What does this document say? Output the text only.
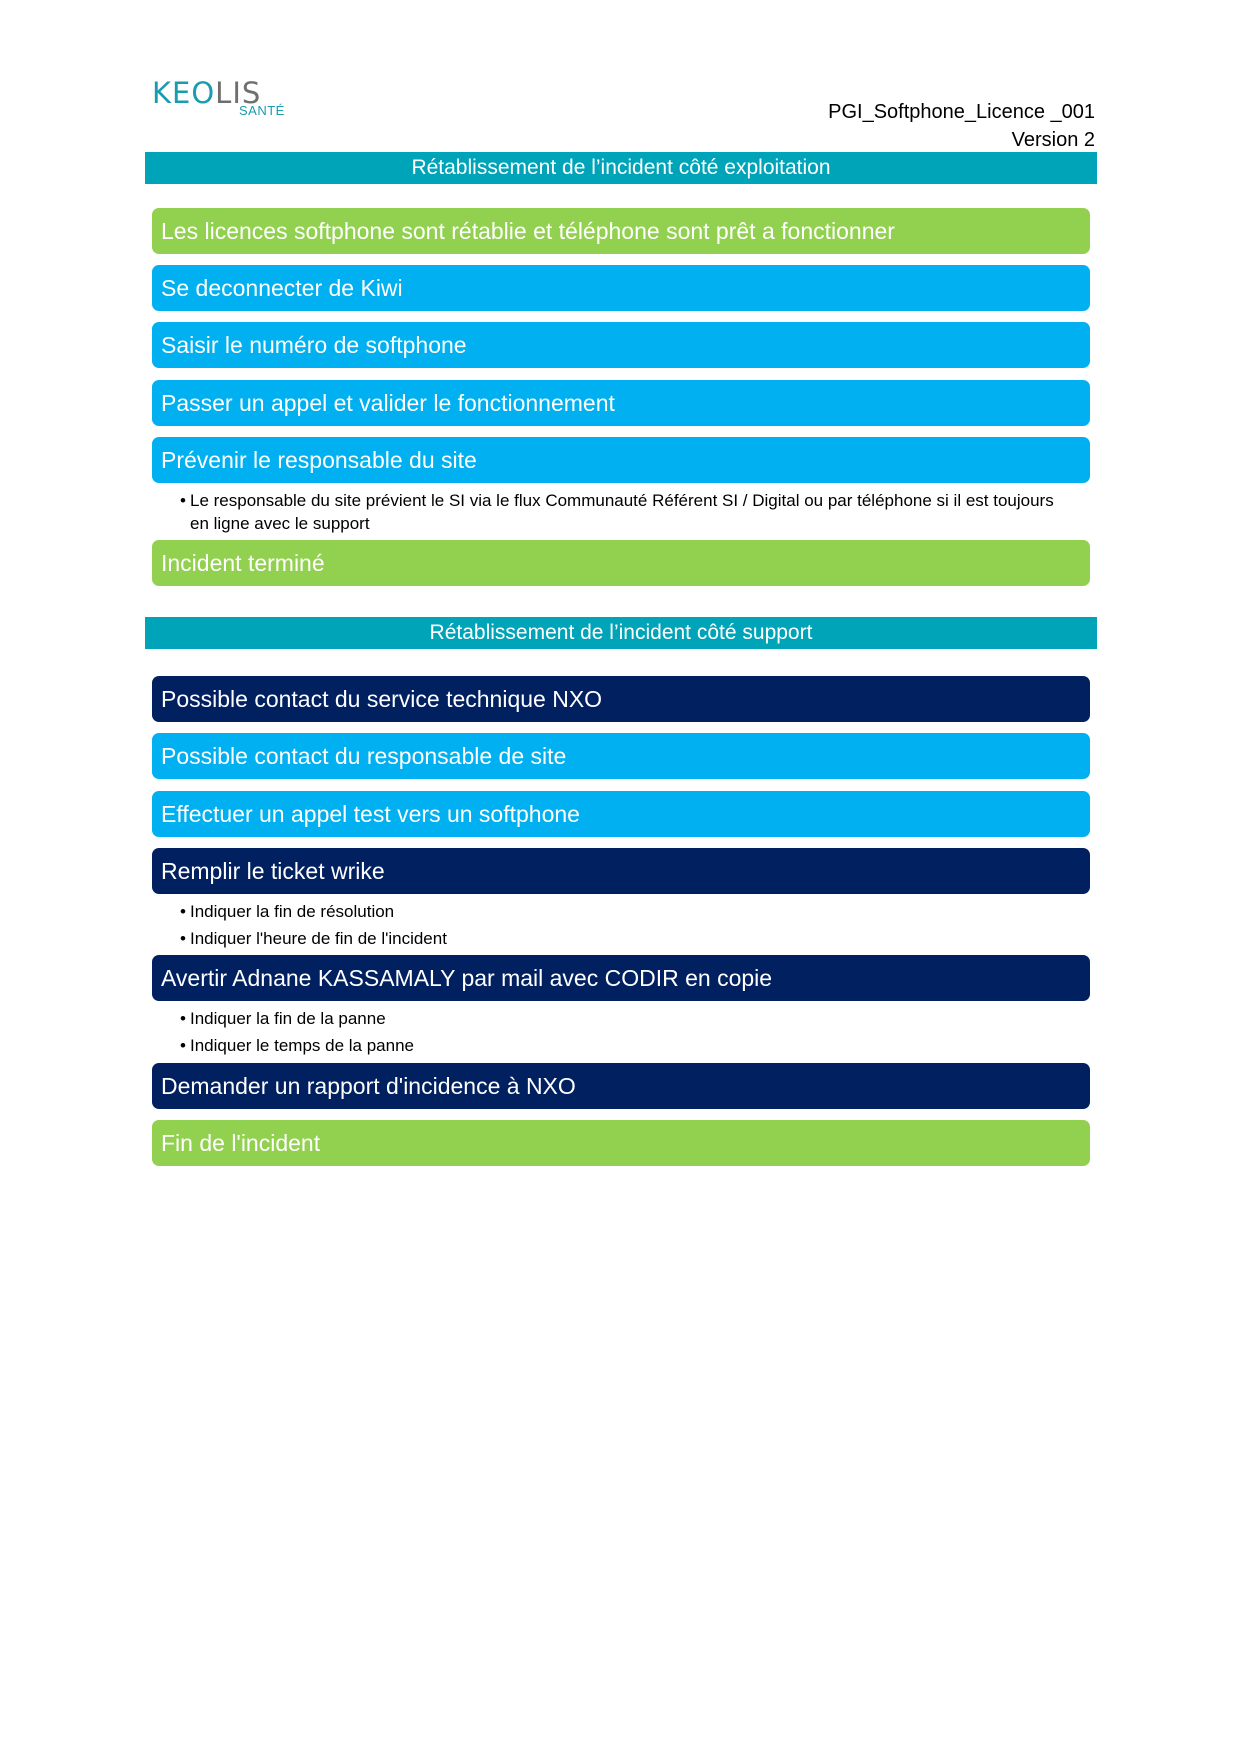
KEOLIS
SANTÉ	PGI_Softphone_Licence _001
Version 2
Rétablissement de l’incident côté exploitation
Les licences softphone sont rétablie et téléphone sont prêt a fonctionner
Se deconnecter de Kiwi
Saisir le numéro de softphone
Passer un appel et valider le fonctionnement
Prévenir le responsable du site
• Le responsable du site prévient le SI via le flux Communauté Référent SI / Digital ou par téléphone si il est toujours en ligne avec le support
Incident terminé
Rétablissement de l’incident côté support
Possible contact du service technique NXO
Possible contact du responsable de site
Effectuer un appel test vers un softphone
Remplir le ticket wrike
• Indiquer la fin de résolution
• Indiquer l'heure de fin de l'incident
Avertir Adnane KASSAMALY par mail avec CODIR en copie
• Indiquer la fin de la panne
• Indiquer le temps de la panne
Demander un rapport d'incidence à NXO
Fin de l'incident
